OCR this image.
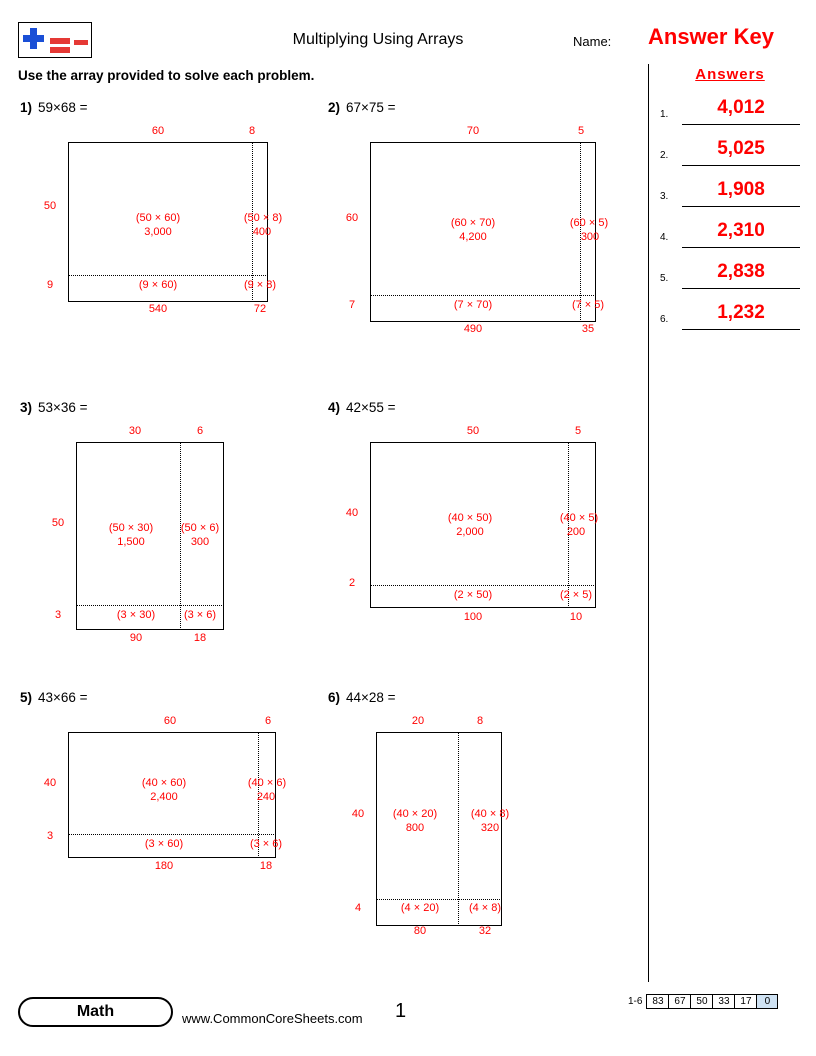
Multiplying Using Arrays	Name: Answer Key
Use the array provided to solve each problem.	Answers
1.	4,012
2.	5,025
3.	1,908
4.	2,310
5.	2,838
6.	1,232
1) 59×68 =
60	8
50
9
(50 × 60)
3,000
(50 × 8)
400
(9 × 60)
540
(9 × 8)
72
2) 67×75 =
70	5
60
7
(60 × 70)
4,200
(60 × 5)
300
(7 × 70)
490
(7 × 5)
35
3) 53×36 =
30	6
50
3
(50 × 30)
1,500
(50 × 6)
300
(3 × 30)
90
(3 × 6)
18
4) 42×55 =
50	5
40
2
(40 × 50)
2,000
(40 × 5)
200
(2 × 50)
100
(2 × 5)
10
5) 43×66 =
60	6
40
3
(40 × 60)
2,400
(40 × 6)
240
(3 × 60)
180
(3 × 6)
18
6) 44×28 =
20	8
40
4
(40 × 20)
800
(40 × 8)
320
(4 × 20)
80
(4 × 8)
32
Math	www.CommonCoreSheets.com 1	1-6 83	67	50	33	17	0
